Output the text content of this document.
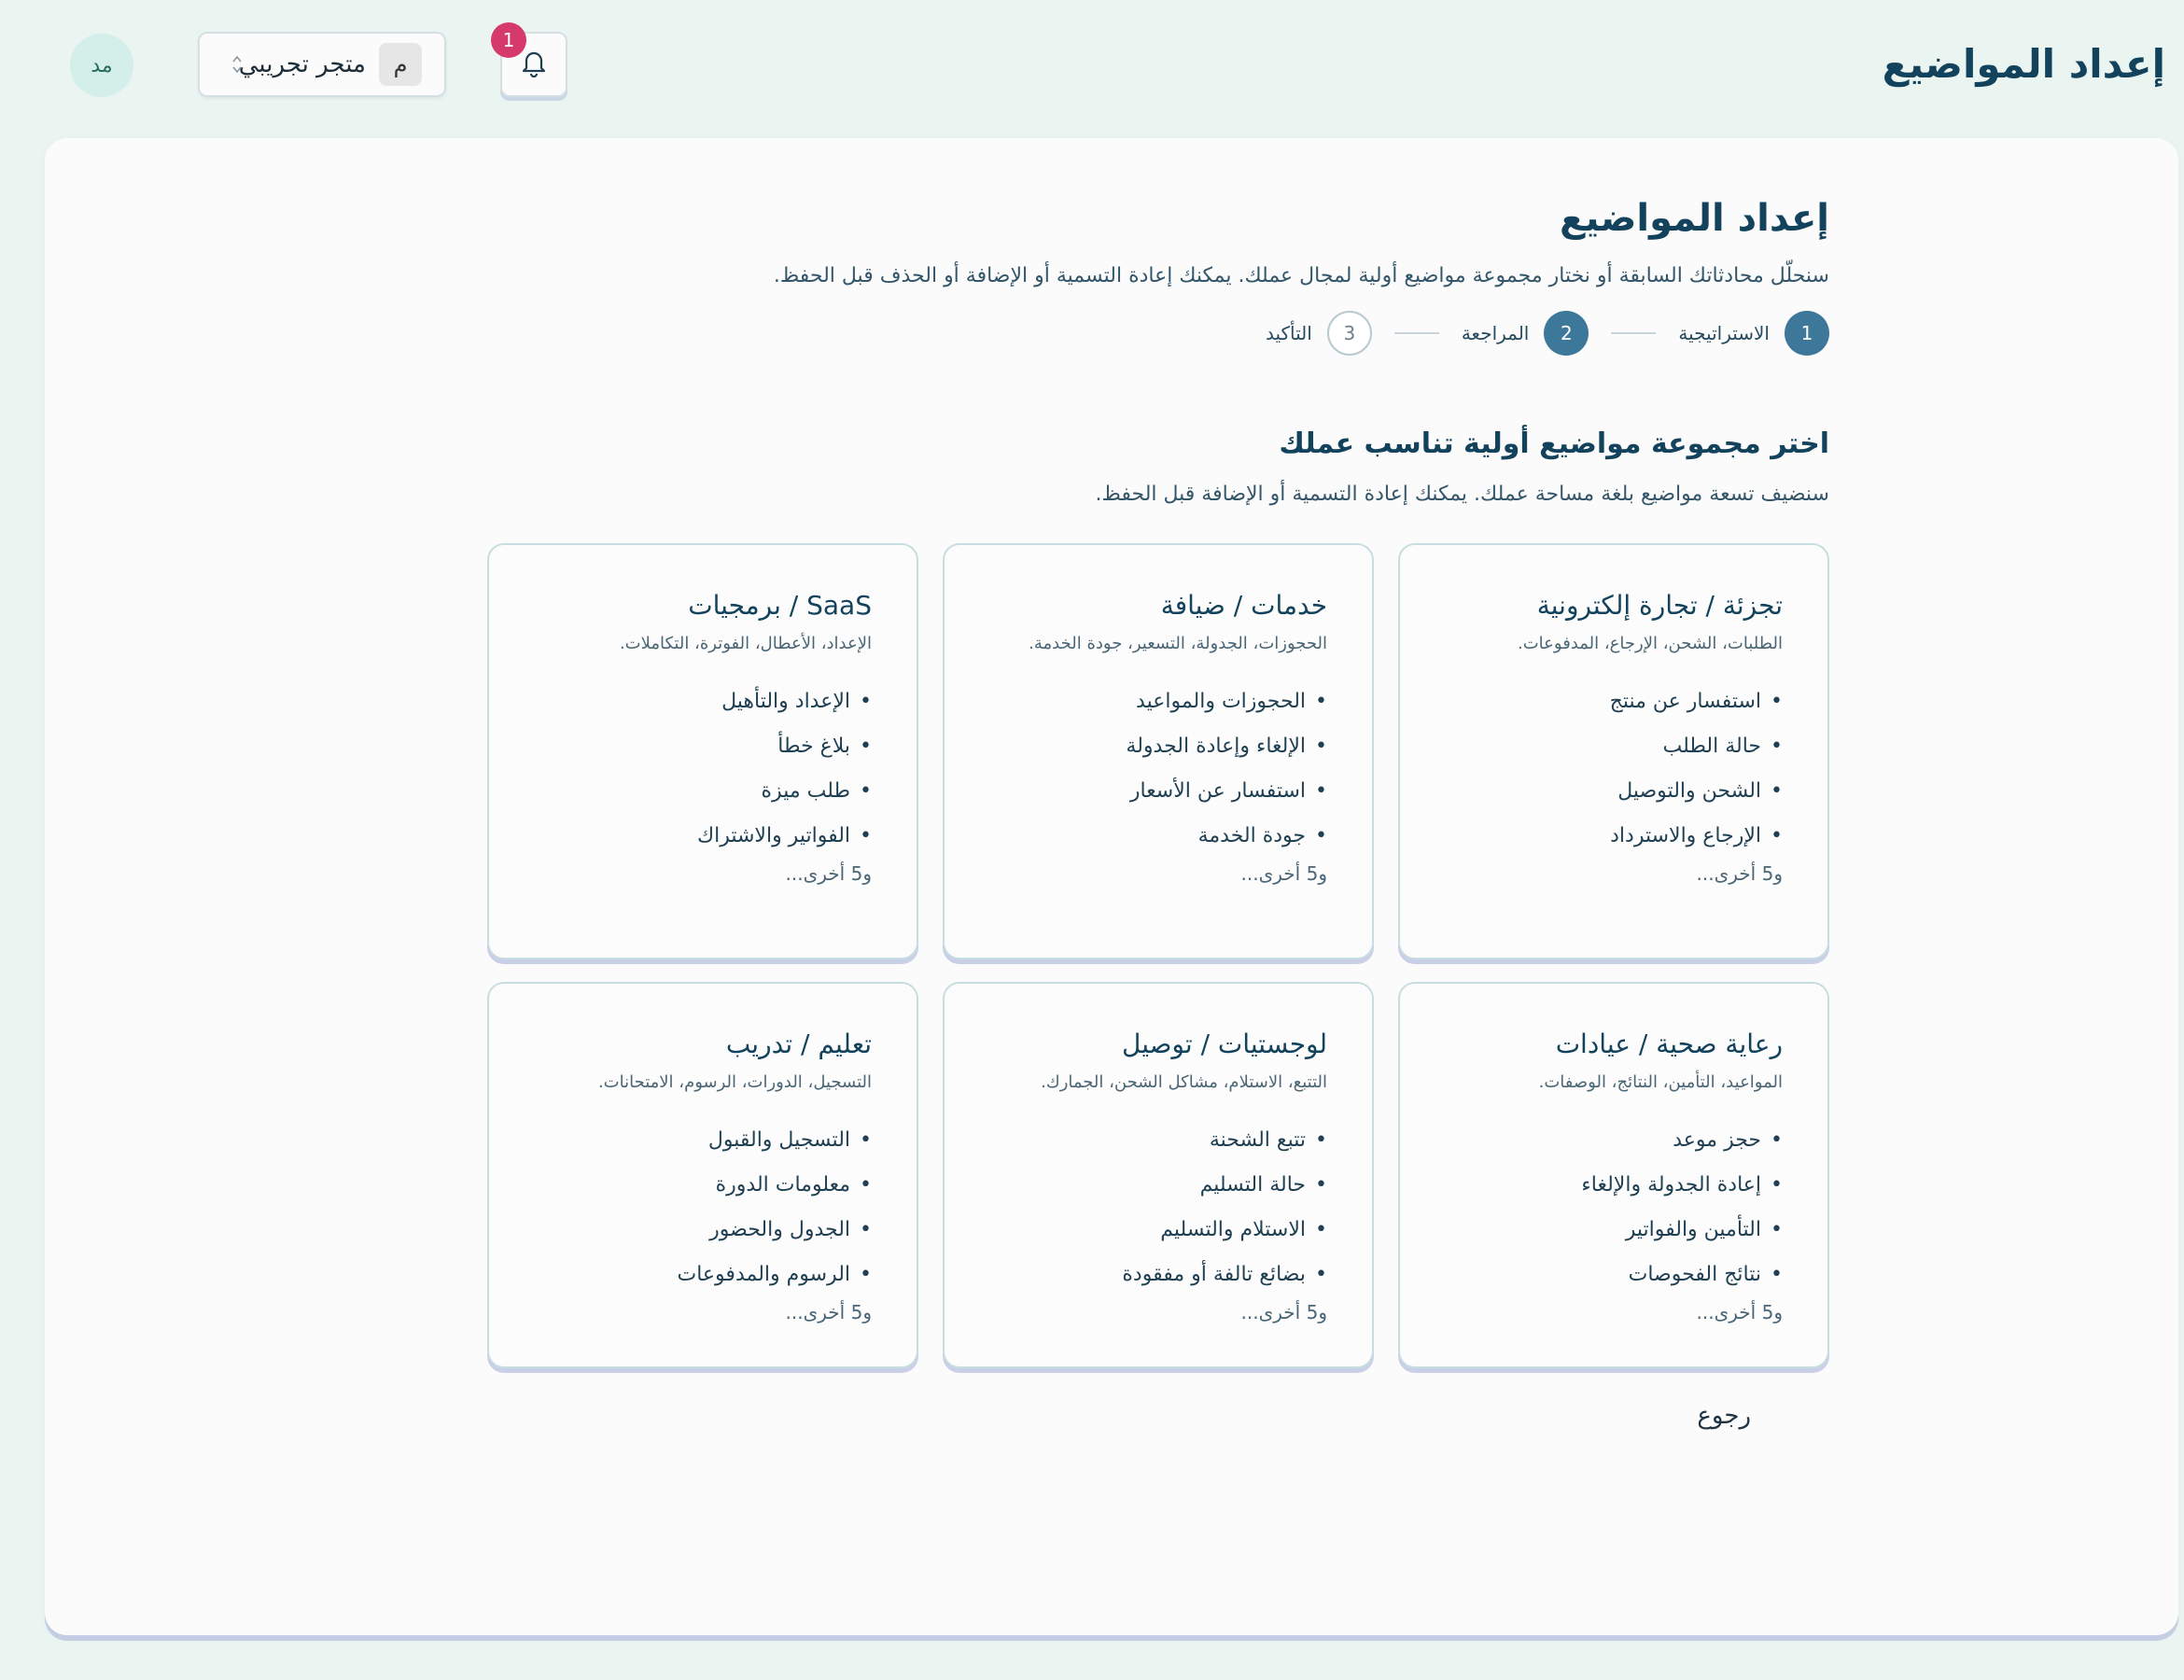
إعداد المواضيع
مد	متجر تجريبي	م
1
إعداد المواضيع
سنحلّل محادثاتك السابقة أو نختار مجموعة مواضيع أولية لمجال عملك. يمكنك إعادة التسمية أو الإضافة أو الحذف قبل الحفظ.
1
الاستراتيجية
2
المراجعة
3
التأكيد
اختر مجموعة مواضيع أولية تناسب عملك
سنضيف تسعة مواضيع بلغة مساحة عملك. يمكنك إعادة التسمية أو الإضافة قبل الحفظ.
تجزئة / تجارة إلكترونية
الطلبات، الشحن، الإرجاع، المدفوعات.
• استفسار عن منتج
• حالة الطلب
• الشحن والتوصيل
• الإرجاع والاسترداد
و5 أخرى...
خدمات / ضيافة
الحجوزات، الجدولة، التسعير، جودة الخدمة.
• الحجوزات والمواعيد
• الإلغاء وإعادة الجدولة
• استفسار عن الأسعار
• جودة الخدمة
و5 أخرى...
SaaS / برمجيات
الإعداد، الأعطال، الفوترة، التكاملات.
• الإعداد والتأهيل
• بلاغ خطأ
• طلب ميزة
• الفواتير والاشتراك
و5 أخرى...
رعاية صحية / عيادات
المواعيد، التأمين، النتائج، الوصفات.
• حجز موعد
• إعادة الجدولة والإلغاء
• التأمين والفواتير
• نتائج الفحوصات
و5 أخرى...
لوجستيات / توصيل
التتبع، الاستلام، مشاكل الشحن، الجمارك.
• تتبع الشحنة
• حالة التسليم
• الاستلام والتسليم
• بضائع تالفة أو مفقودة
و5 أخرى...
تعليم / تدريب
التسجيل، الدورات، الرسوم، الامتحانات.
• التسجيل والقبول
• معلومات الدورة
• الجدول والحضور
• الرسوم والمدفوعات
و5 أخرى...
رجوع
